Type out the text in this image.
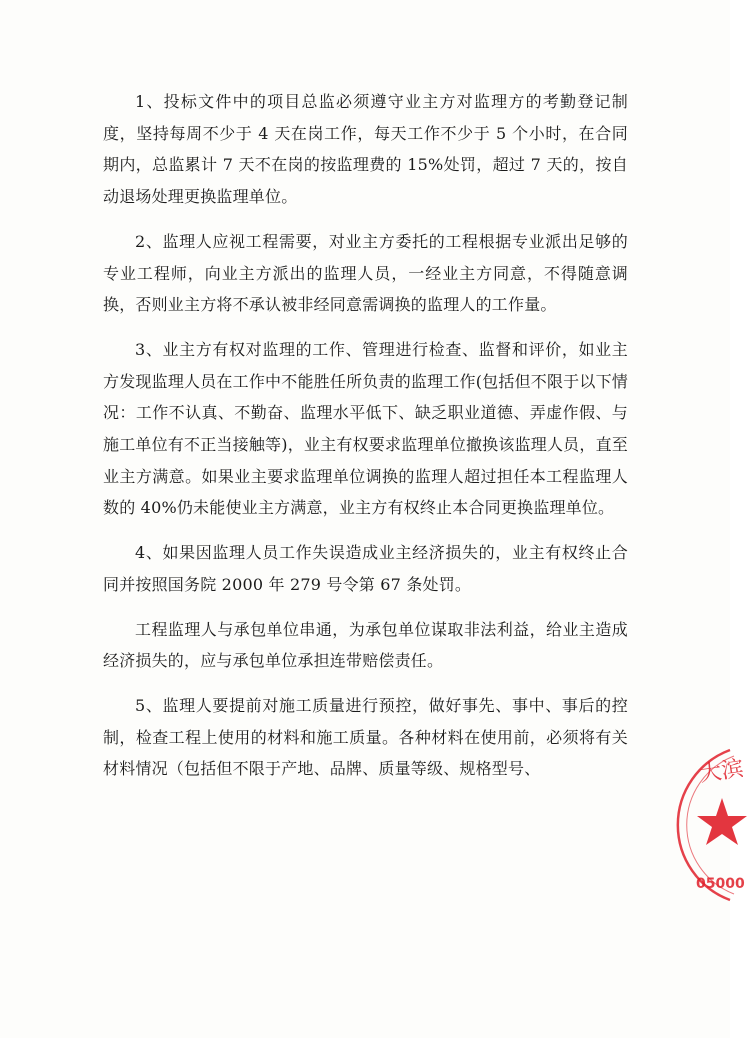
1、投标文件中的项目总监必须遵守业主方对监理方的考勤登记制度，坚持每周不少于 4 天在岗工作，每天工作不少于 5 个小时，在合同期内，总监累计 7 天不在岗的按监理费的 15%处罚，超过 7 天的，按自动退场处理更换监理单位。

2、监理人应视工程需要，对业主方委托的工程根据专业派出足够的专业工程师，向业主方派出的监理人员，一经业主方同意，不得随意调换，否则业主方将不承认被非经同意需调换的监理人的工作量。

3、业主方有权对监理的工作、管理进行检查、监督和评价，如业主方发现监理人员在工作中不能胜任所负责的监理工作(包括但不限于以下情况：工作不认真、不勤奋、监理水平低下、缺乏职业道德、弄虚作假、与施工单位有不正当接触等)，业主有权要求监理单位撤换该监理人员，直至业主方满意。如果业主要求监理单位调换的监理人超过担任本工程监理人数的 40%仍未能使业主方满意，业主方有权终止本合同更换监理单位。

4、如果因监理人员工作失误造成业主经济损失的，业主有权终止合同并按照国务院 2000 年 279 号令第 67 条处罚。

工程监理人与承包单位串通，为承包单位谋取非法利益，给业主造成经济损失的，应与承包单位承担连带赔偿责任。

5、监理人要提前对施工质量进行预控，做好事先、事中、事后的控制，检查工程上使用的材料和施工质量。各种材料在使用前，必须将有关材料情况（包括但不限于产地、品牌、质量等级、规格型号、	大滨
05000
